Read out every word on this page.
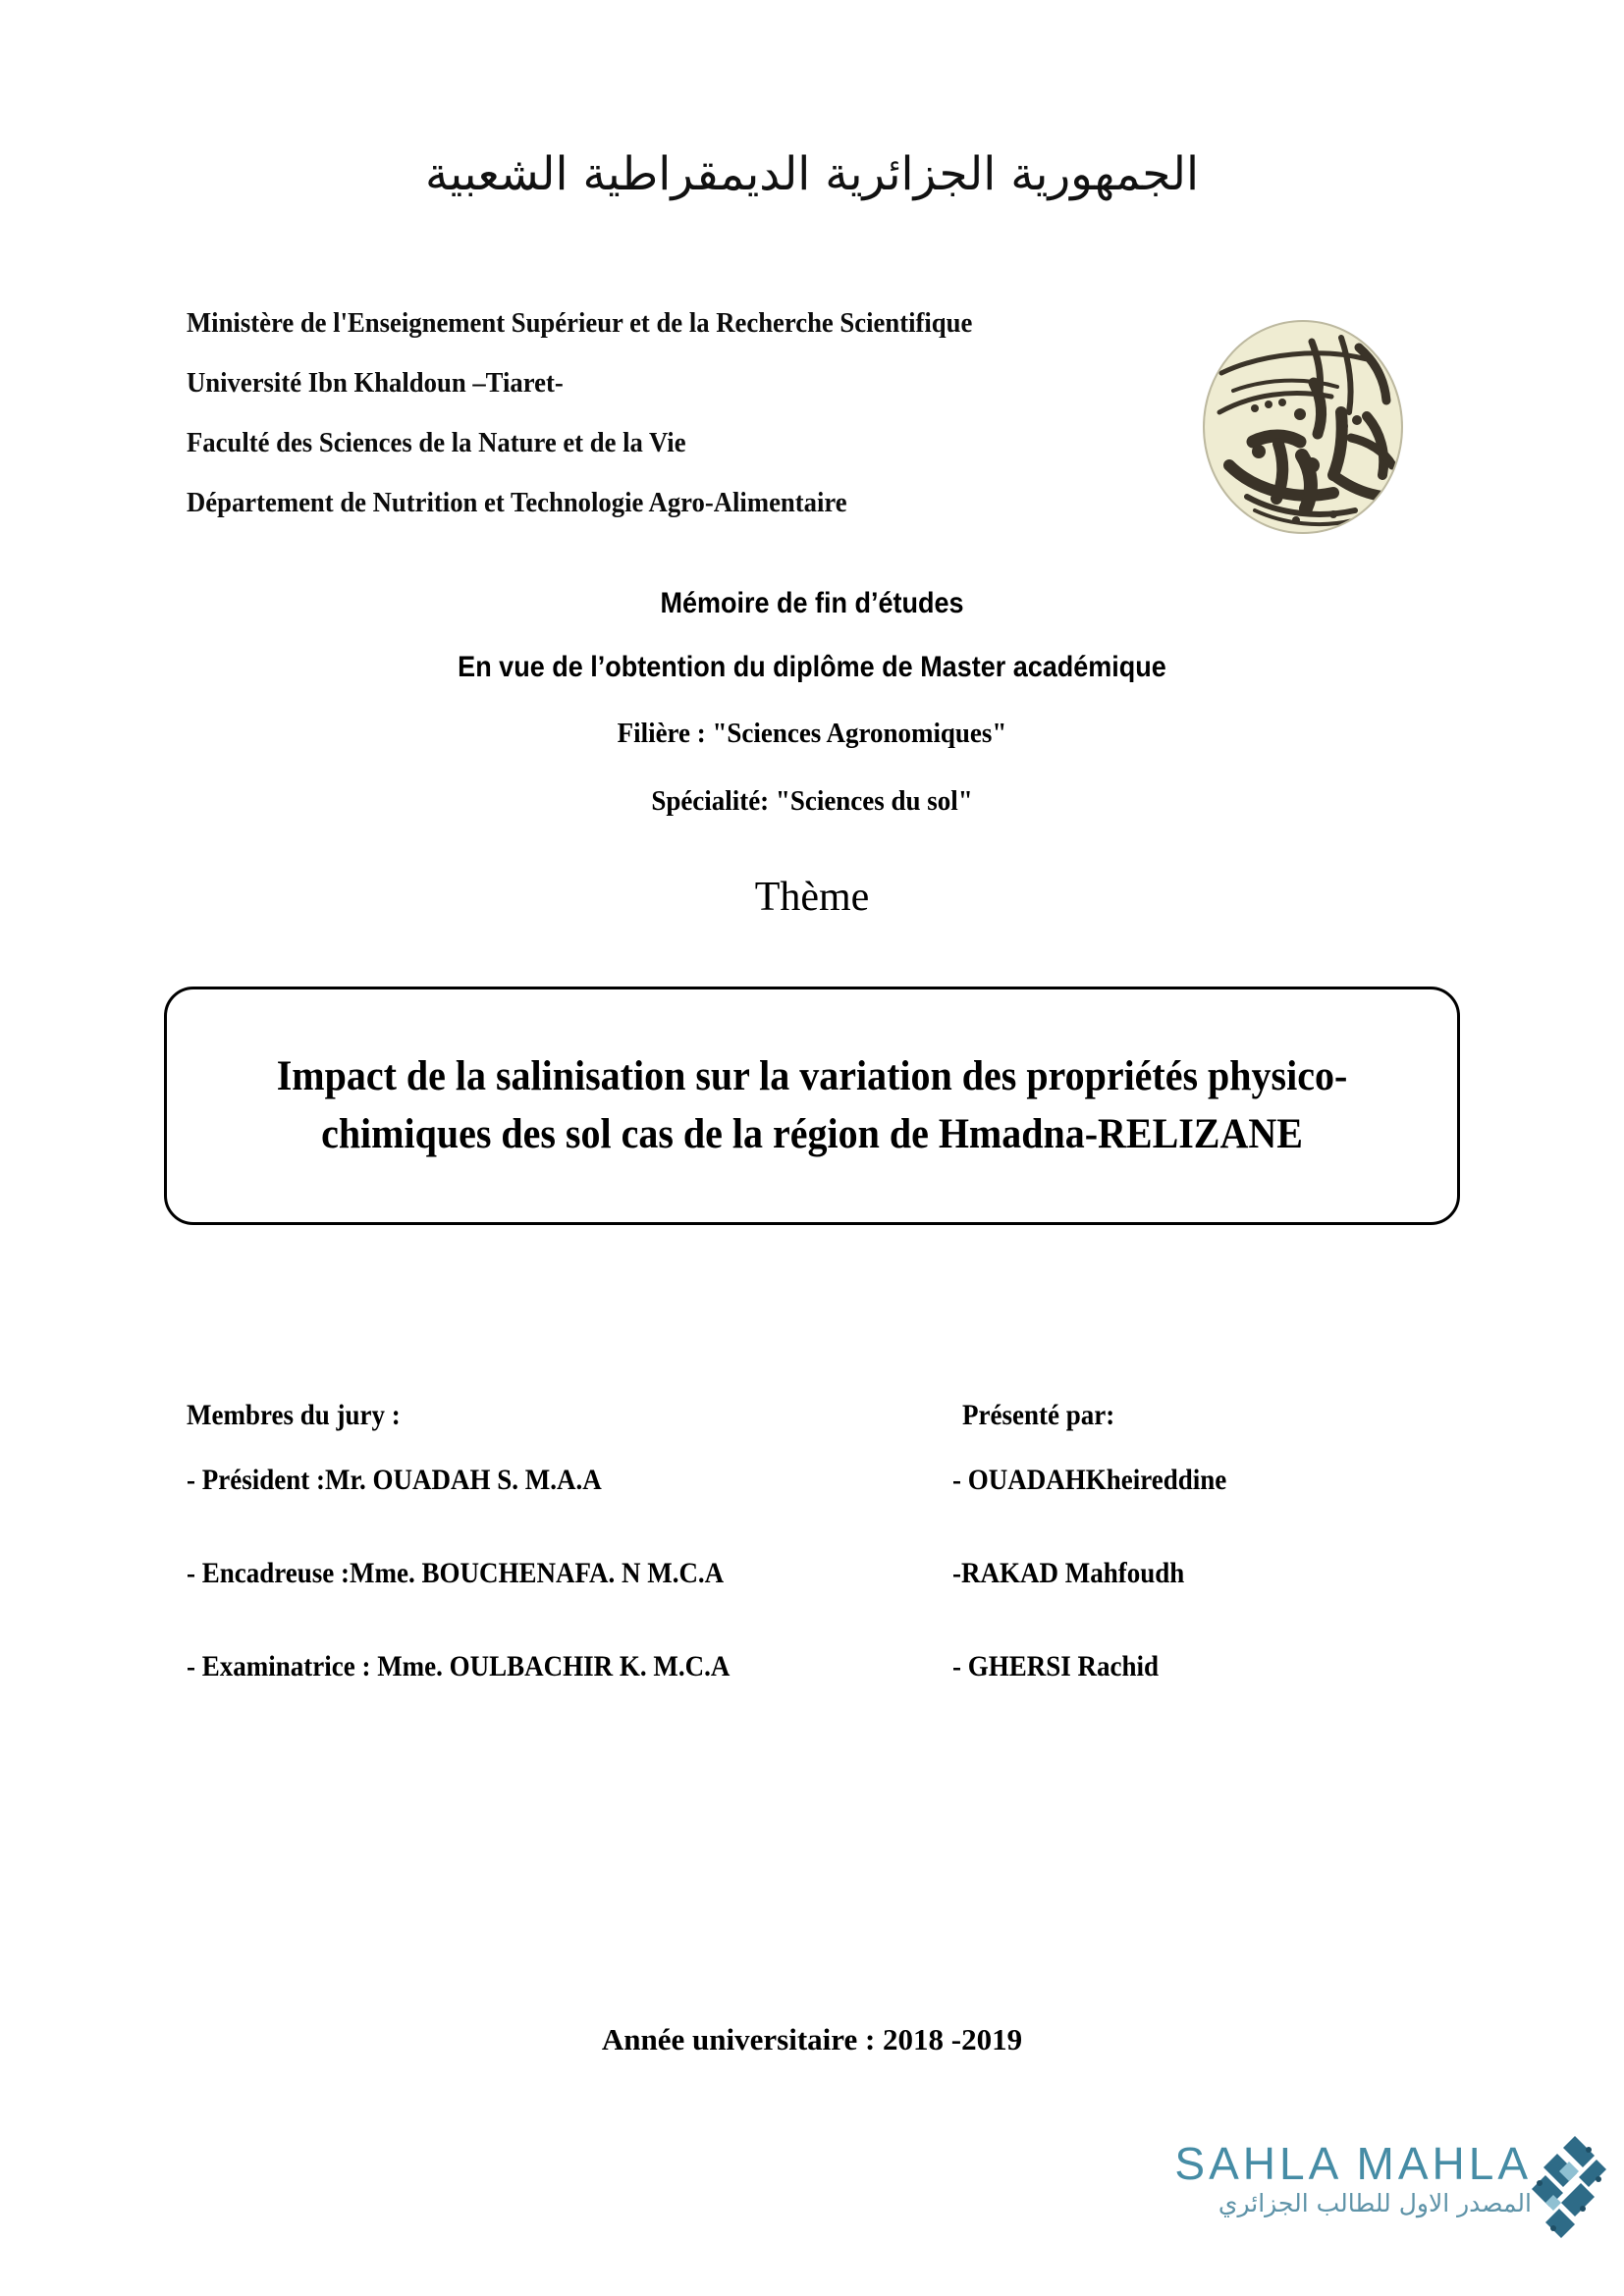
الجمهورية الجزائرية الديمقراطية الشعبية
Ministère de l'Enseignement Supérieur et de la Recherche Scientifique
Université Ibn Khaldoun –Tiaret-
Faculté des Sciences de la Nature et de la Vie
Département de Nutrition et Technologie Agro-Alimentaire
Mémoire de fin d’études
En vue de l’obtention du diplôme de Master académique
Filière : "Sciences Agronomiques"
Spécialité: "Sciences du sol"
Thème
Impact de la salinisation sur la variation des propriétés physico-chimiques des sol cas de la région de Hmadna-RELIZANE
Membres du jury :	Présenté par:
- Président :Mr. OUADAH S. M.A.A	- OUADAHKheireddine
- Encadreuse :Mme. BOUCHENAFA. N M.C.A	-RAKAD Mahfoudh
- Examinatrice : Mme. OULBACHIR K. M.C.A	- GHERSI Rachid
Année universitaire : 2018 -2019
SAHLA MAHLA
المصدر الاول للطالب الجزائري
